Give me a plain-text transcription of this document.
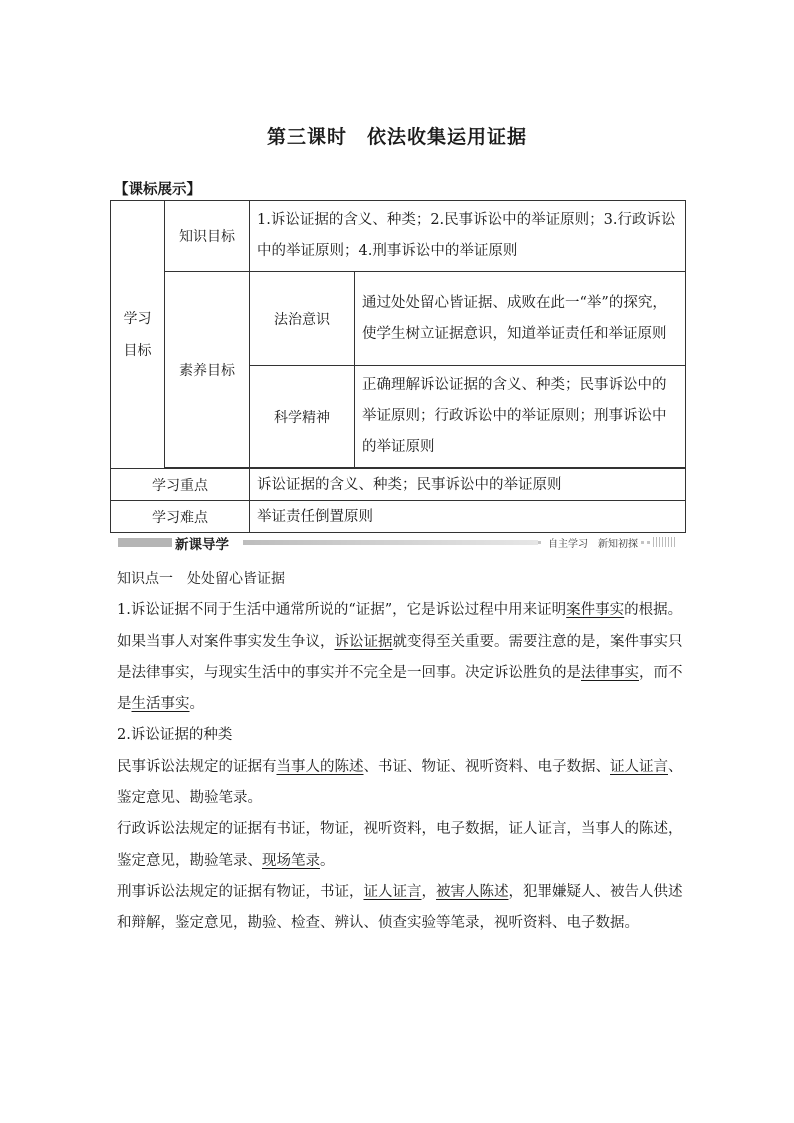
第三课时 依法收集运用证据
【课标展示】
学习
目标	知识目标	1.诉讼证据的含义、种类；2.民事诉讼中的举证原则；3.行政诉讼中的举证原则；4.刑事诉讼中的举证原则	
	素养目标	法治意识	通过处处留心皆证据、成败在此一“举”的探究，使学生树立证据意识，知道举证责任和举证原则
		科学精神	正确理解诉讼证据的含义、种类；民事诉讼中的举证原则；行政诉讼中的举证原则；刑事诉讼中的举证原则

学习重点		诉讼证据的含义、种类；民事诉讼中的举证原则	
学习难点		举证责任倒置原则	
新课导学	自主学习　新知初探

知识点一　处处留心皆证据

1.诉讼证据不同于生活中通常所说的“证据”，它是诉讼过程中用来证明案件事实的根据。如果当事人对案件事实发生争议，诉讼证据就变得至关重要。需要注意的是，案件事实只是法律事实，与现实生活中的事实并不完全是一回事。决定诉讼胜负的是法律事实，而不是生活事实。

2.诉讼证据的种类

民事诉讼法规定的证据有当事人的陈述、书证、物证、视听资料、电子数据、证人证言、鉴定意见、勘验笔录。

行政诉讼法规定的证据有书证，物证，视听资料，电子数据，证人证言，当事人的陈述，鉴定意见，勘验笔录、现场笔录。

刑事诉讼法规定的证据有物证，书证，证人证言，被害人陈述，犯罪嫌疑人、被告人供述和辩解，鉴定意见，勘验、检查、辨认、侦查实验等笔录，视听资料、电子数据。
